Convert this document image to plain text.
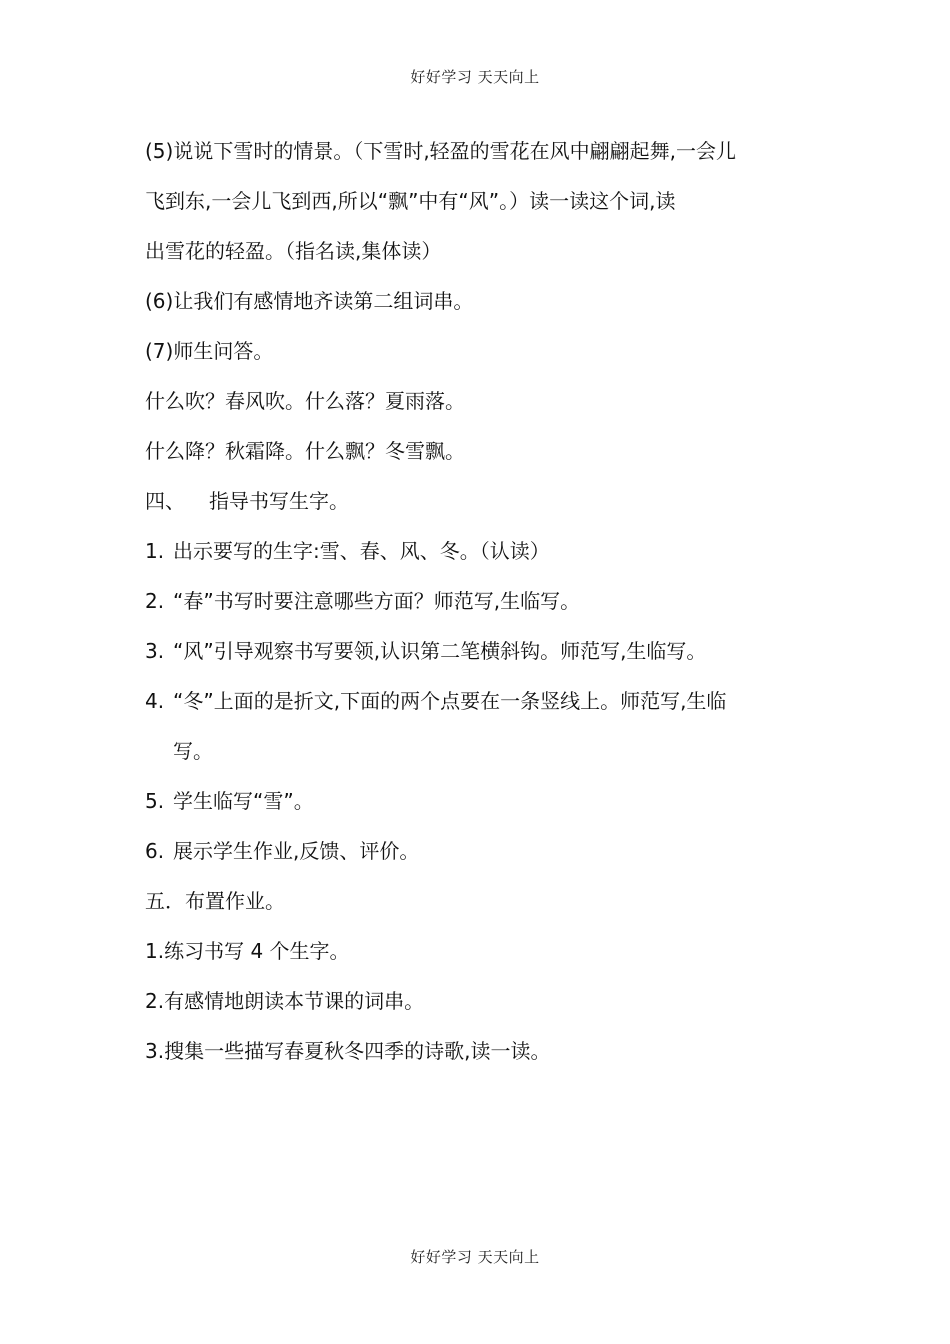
好好学习 天天向上
(5)说说下雪时的情景。（下雪时,轻盈的雪花在风中翩翩起舞,一会儿
飞到东,一会儿飞到西,所以“飘”中有“风”。）读一读这个词,读
出雪花的轻盈。（指名读,集体读）
(6)让我们有感情地齐读第二组词串。
(7)师生问答。
什么吹？春风吹。什么落？夏雨落。
什么降？秋霜降。什么飘？冬雪飘。
四、 指导书写生字。
1. 出示要写的生字:雪、春、风、冬。（认读）
2. “春”书写时要注意哪些方面？师范写,生临写。
3. “风”引导观察书写要领,认识第二笔横斜钩。师范写,生临写。
4. “冬”上面的是折文,下面的两个点要在一条竖线上。师范写,生临
写。
5. 学生临写“雪”。
6. 展示学生作业,反馈、评价。
五．布置作业。
1.练习书写 4 个生字。
2.有感情地朗读本节课的词串。
3.搜集一些描写春夏秋冬四季的诗歌,读一读。
好好学习 天天向上
